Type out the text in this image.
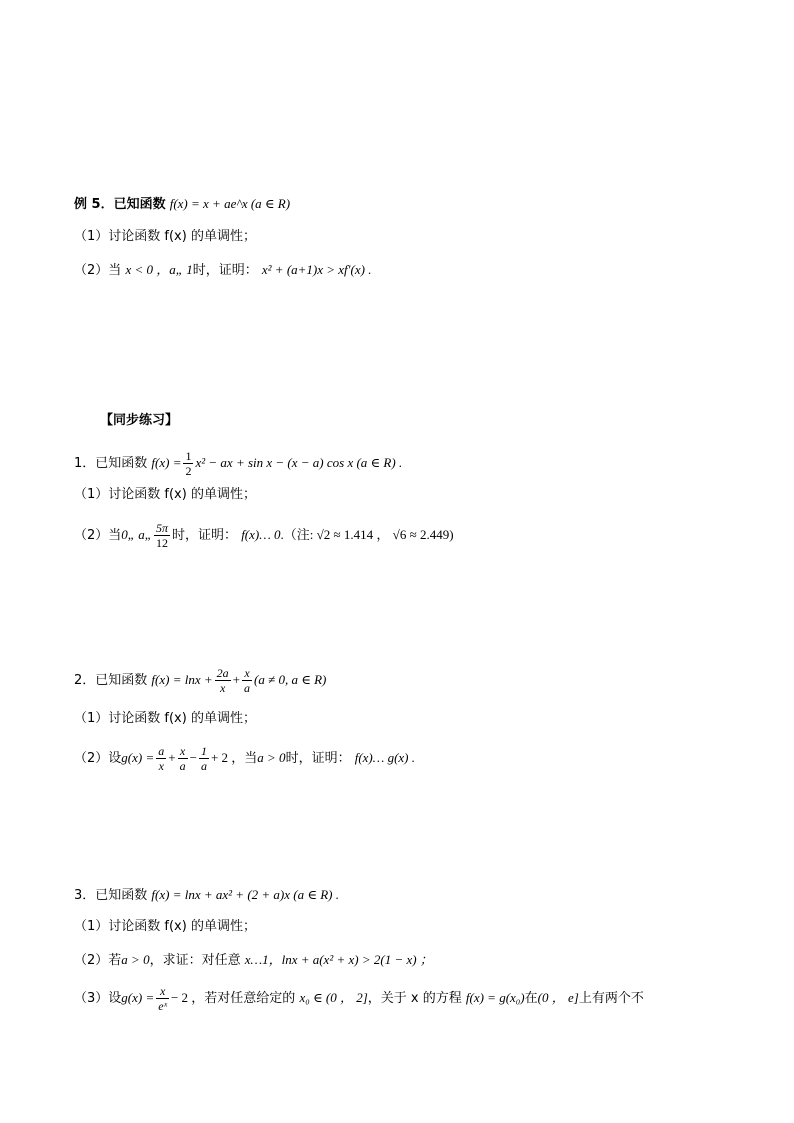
例 5．已知函数 f(x) = x + ae^x (a ∈ R)
（1）讨论函数 f(x) 的单调性；
（2）当 x < 0 ，a„ 1时，证明： x² + (a+1)x > xf′(x) .
【同步练习】
1．已知函数 $f(x) = \frac{1}{2} x^2$ − ax + sin x − (x − a) cos x (a ∈ R) .
（1）讨论函数 f(x) 的单调性；
（2）当0„ a„ $\frac{5\pi}{12}$ 时，证明： f(x)… 0.（注: √2 ≈ 1.414 ， √6 ≈ 2.449)
2．已知函数 $f(x) = \ln x + \frac{2a}{x} + \frac{x}{a} (a \ne 0$, a ∈ R)
（1）讨论函数 f(x) 的单调性；
（2）设$g(x) = \frac{a}{x} + \frac{x}{a} - \frac{1}{a} + 2$ ，当a > 0时，证明： f(x)… g(x) .
3．已知函数 f(x) = lnx + ax² + (2 + a)x (a ∈ R) .
（1）讨论函数 f(x) 的单调性；
（2）若a > 0，求证：对任意 x…1，lnx + a(x² + x) > 2(1 − x) ；
（3）设$g(x) = \frac{x}{\text{eˣ}} - 2$ ，若对任意给定的 x₀ ∈ (0 ， 2]，关于 x 的方程 f(x) = g(x₀)在(0 ， e]上有两个不
